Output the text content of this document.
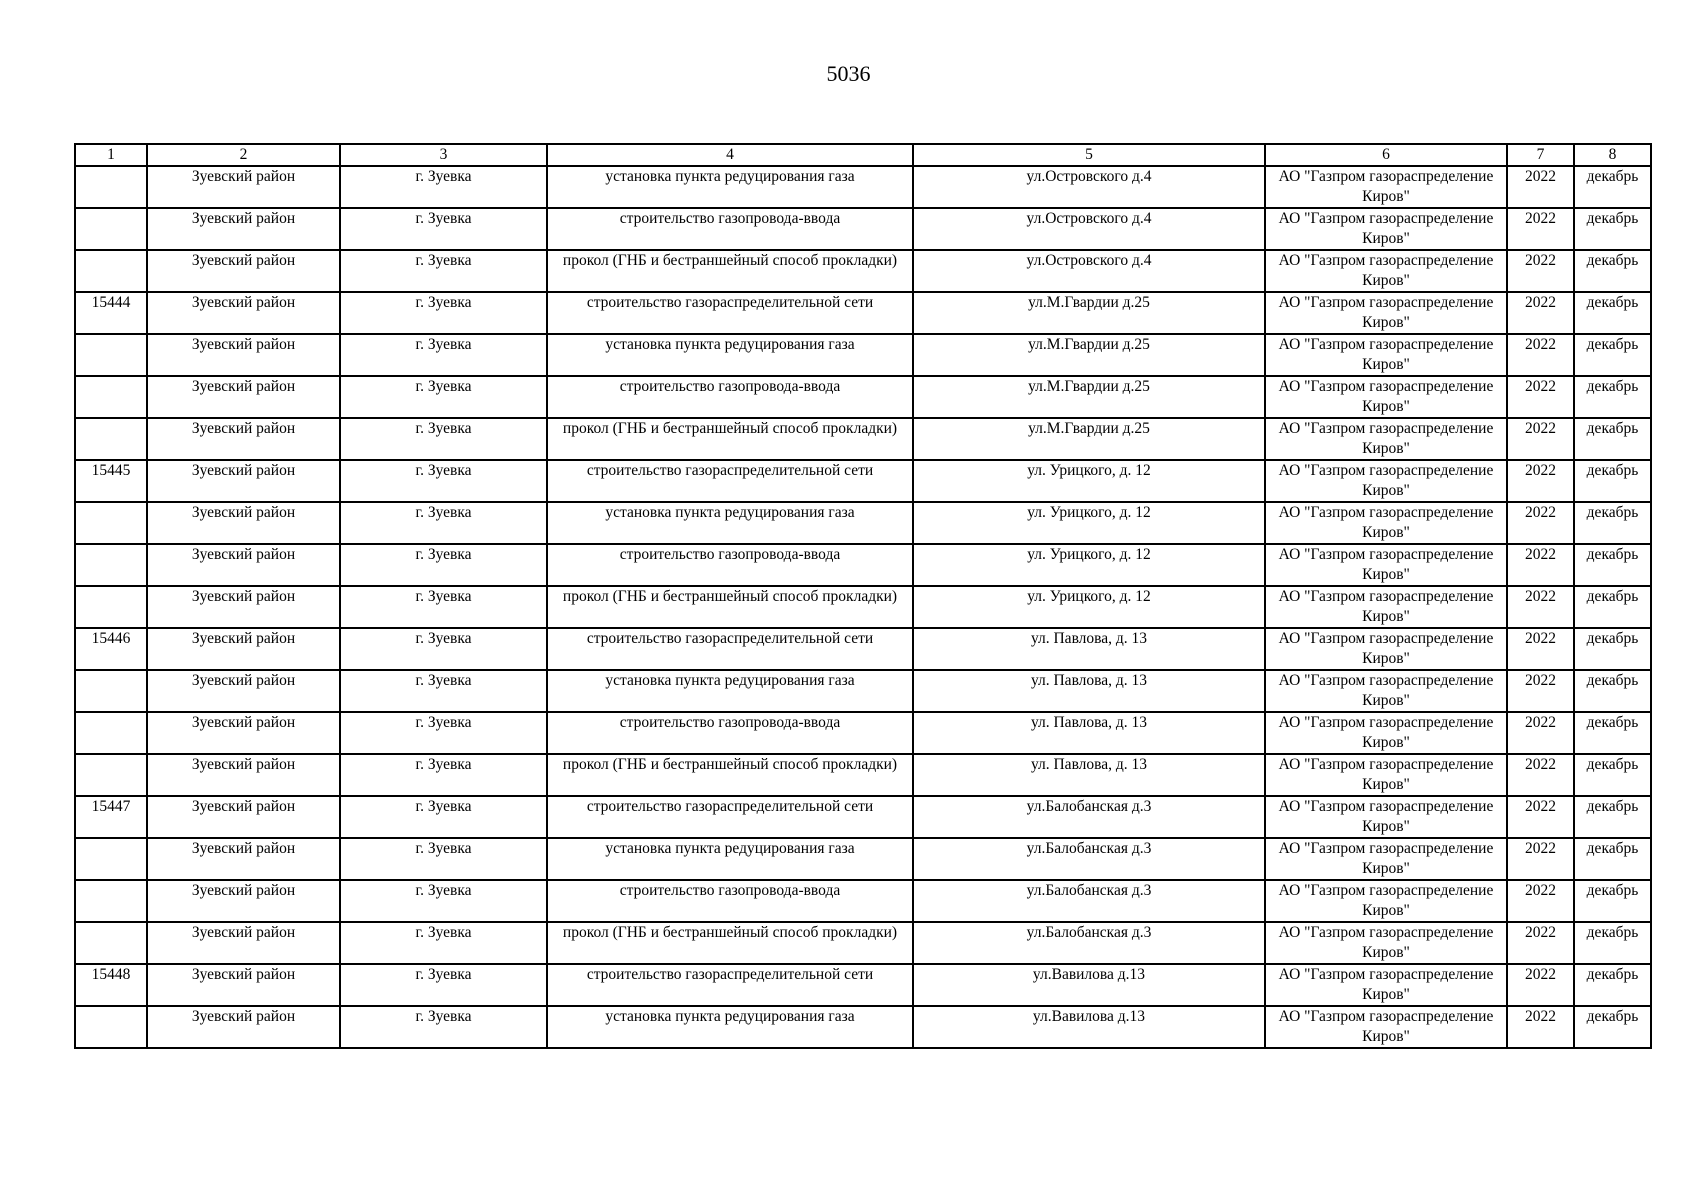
5036
1	2	3	4	5	6	7	8
	Зуевский район	г. Зуевка	установка пункта редуцирования газа	ул.Островского д.4	АО "Газпром газораспределение Киров"	2022	декабрь
	Зуевский район	г. Зуевка	строительство газопровода-ввода	ул.Островского д.4	АО "Газпром газораспределение Киров"	2022	декабрь
	Зуевский район	г. Зуевка	прокол (ГНБ и бестраншейный способ прокладки)	ул.Островского д.4	АО "Газпром газораспределение Киров"	2022	декабрь
15444	Зуевский район	г. Зуевка	строительство газораспределительной сети	ул.М.Гвардии д.25	АО "Газпром газораспределение Киров"	2022	декабрь
	Зуевский район	г. Зуевка	установка пункта редуцирования газа	ул.М.Гвардии д.25	АО "Газпром газораспределение Киров"	2022	декабрь
	Зуевский район	г. Зуевка	строительство газопровода-ввода	ул.М.Гвардии д.25	АО "Газпром газораспределение Киров"	2022	декабрь
	Зуевский район	г. Зуевка	прокол (ГНБ и бестраншейный способ прокладки)	ул.М.Гвардии д.25	АО "Газпром газораспределение Киров"	2022	декабрь
15445	Зуевский район	г. Зуевка	строительство газораспределительной сети	ул. Урицкого, д. 12	АО "Газпром газораспределение Киров"	2022	декабрь
	Зуевский район	г. Зуевка	установка пункта редуцирования газа	ул. Урицкого, д. 12	АО "Газпром газораспределение Киров"	2022	декабрь
	Зуевский район	г. Зуевка	строительство газопровода-ввода	ул. Урицкого, д. 12	АО "Газпром газораспределение Киров"	2022	декабрь
	Зуевский район	г. Зуевка	прокол (ГНБ и бестраншейный способ прокладки)	ул. Урицкого, д. 12	АО "Газпром газораспределение Киров"	2022	декабрь
15446	Зуевский район	г. Зуевка	строительство газораспределительной сети	ул. Павлова, д. 13	АО "Газпром газораспределение Киров"	2022	декабрь
	Зуевский район	г. Зуевка	установка пункта редуцирования газа	ул. Павлова, д. 13	АО "Газпром газораспределение Киров"	2022	декабрь
	Зуевский район	г. Зуевка	строительство газопровода-ввода	ул. Павлова, д. 13	АО "Газпром газораспределение Киров"	2022	декабрь
	Зуевский район	г. Зуевка	прокол (ГНБ и бестраншейный способ прокладки)	ул. Павлова, д. 13	АО "Газпром газораспределение Киров"	2022	декабрь
15447	Зуевский район	г. Зуевка	строительство газораспределительной сети	ул.Балобанская д.3	АО "Газпром газораспределение Киров"	2022	декабрь
	Зуевский район	г. Зуевка	установка пункта редуцирования газа	ул.Балобанская д.3	АО "Газпром газораспределение Киров"	2022	декабрь
	Зуевский район	г. Зуевка	строительство газопровода-ввода	ул.Балобанская д.3	АО "Газпром газораспределение Киров"	2022	декабрь
	Зуевский район	г. Зуевка	прокол (ГНБ и бестраншейный способ прокладки)	ул.Балобанская д.3	АО "Газпром газораспределение Киров"	2022	декабрь
15448	Зуевский район	г. Зуевка	строительство газораспределительной сети	ул.Вавилова д.13	АО "Газпром газораспределение Киров"	2022	декабрь
	Зуевский район	г. Зуевка	установка пункта редуцирования газа	ул.Вавилова д.13	АО "Газпром газораспределение Киров"	2022	декабрь
